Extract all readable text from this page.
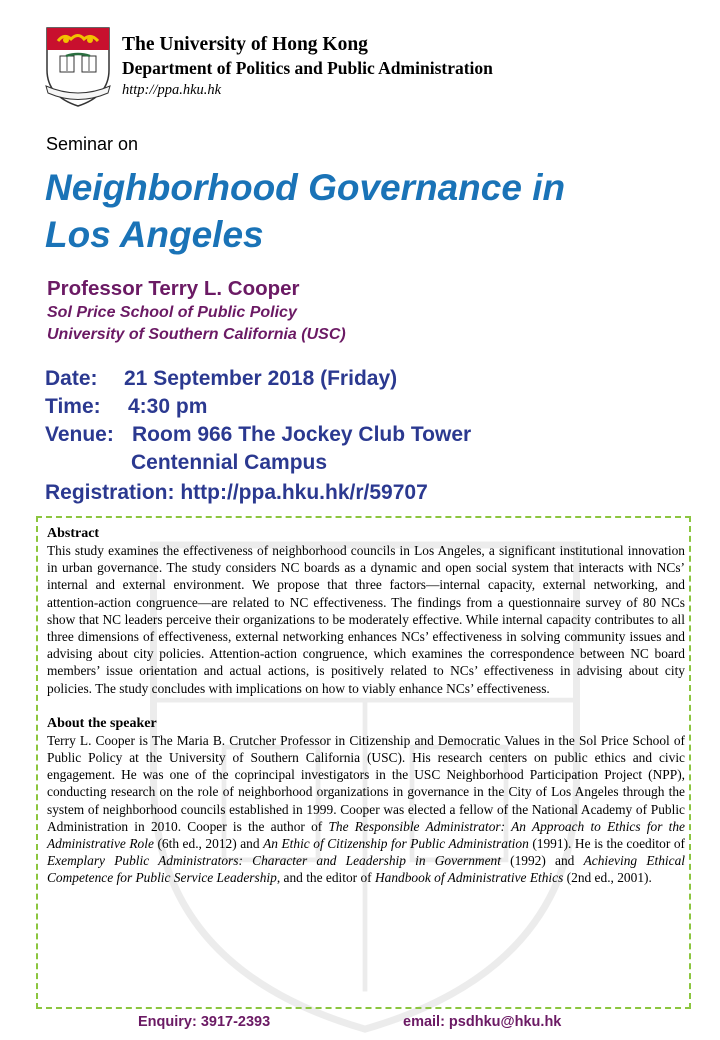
The University of Hong Kong

Department of Politics and Public Administration

http://ppa.hku.hk

Seminar on

Neighborhood Governance in
Los Angeles

Professor Terry L. Cooper

Sol Price School of Public Policy

University of Southern California (USC)

Date: 21 September 2018 (Friday)

Time: 4:30 pm

Venue: Room 966 The Jockey Club Tower

Centennial Campus

Registration: http://ppa.hku.hk/r/59707

Abstract

This study examines the effectiveness of neighborhood councils in Los Angeles, a significant institutional innovation in urban governance. The study considers NC boards as a dynamic and open social system that interacts with NCs’ internal and external environment. We propose that three factors—internal capacity, external networking, and attention-action congruence—are related to NC effectiveness. The findings from a questionnaire survey of 80 NCs show that NC leaders perceive their organizations to be moderately effective. While internal capacity contributes to all three dimensions of effectiveness, external networking enhances NCs’ effectiveness in solving community issues and advising about city policies. Attention-action congruence, which examines the correspondence between NC board members’ issue orientation and actual actions, is positively related to NCs’ effectiveness in advising about city policies. The study concludes with implications on how to viably enhance NCs’ effectiveness.

About the speaker

Terry L. Cooper is The Maria B. Crutcher Professor in Citizenship and Democratic Values in the Sol Price School of Public Policy at the University of Southern California (USC). His research centers on public ethics and civic engagement. He was one of the coprincipal investigators in the USC Neighborhood Participation Project (NPP), conducting research on the role of neighborhood organizations in governance in the City of Los Angeles through the system of neighborhood councils established in 1999. Cooper was elected a fellow of the National Academy of Public Administration in 2010. Cooper is the author of The Responsible Administrator: An Approach to Ethics for the Administrative Role (6th ed., 2012) and An Ethic of Citizenship for Public Administration (1991). He is the coeditor of Exemplary Public Administrators: Character and Leadership in Government (1992) and Achieving Ethical Competence for Public Service Leadership, and the editor of Handbook of Administrative Ethics (2nd ed., 2001).

Enquiry: 3917-2393	email: psdhku@hku.hk
